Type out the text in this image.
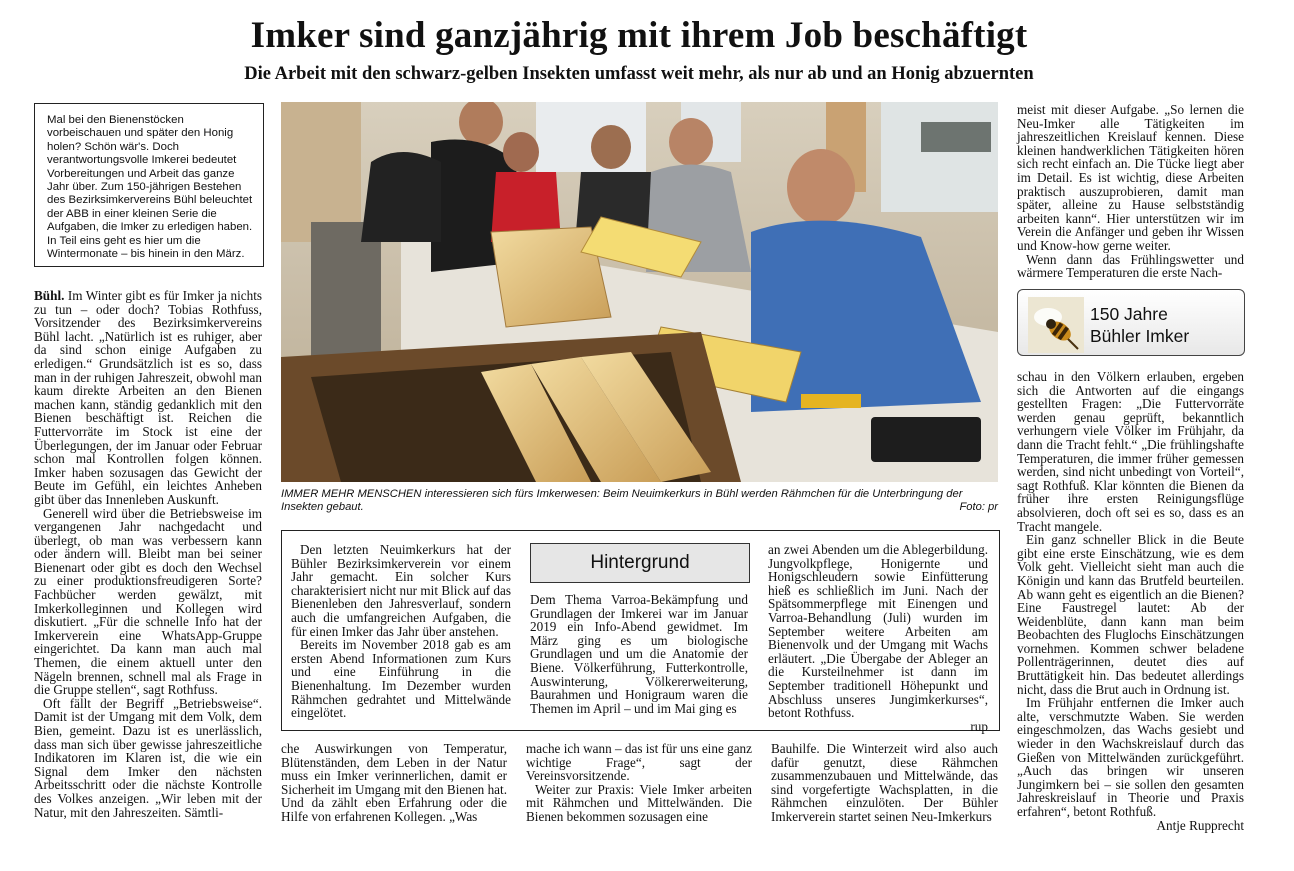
Imker sind ganzjährig mit ihrem Job beschäftigt
Die Arbeit mit den schwarz-gelben Insekten umfasst weit mehr, als nur ab und an Honig abzuernten
Mal bei den Bienenstöcken vorbeischauen und später den Honig holen? Schön wär's. Doch verantwortungsvolle Imkerei bedeutet Vorbereitungen und Arbeit das ganze Jahr über. Zum 150-jährigen Bestehen des Bezirksimkervereins Bühl beleuchtet der ABB in einer kleinen Serie die Aufgaben, die Imker zu erledigen haben. In Teil eins geht es hier um die Wintermonate – bis hinein in den März.

Bühl. Im Winter gibt es für Imker ja nichts zu tun – oder doch? Tobias Rothfuss, Vorsitzender des Bezirksimkervereins Bühl lacht. „Natürlich ist es ruhiger, aber da sind schon einige Aufgaben zu erledigen.“ Grundsätzlich ist es so, dass man in der ruhigen Jahreszeit, obwohl man kaum direkte Arbeiten an den Bienen machen kann, ständig gedanklich mit den Bienen beschäftigt ist. Reichen die Futtervorräte im Stock ist eine der Überlegungen, der im Januar oder Februar schon mal Kontrollen folgen können. Imker haben sozusagen das Gewicht der Beute im Gefühl, ein leichtes Anheben gibt über das Innenleben Auskunft.

Generell wird über die Betriebsweise im vergangenen Jahr nachgedacht und überlegt, ob man was verbessern kann oder ändern will. Bleibt man bei seiner Bienenart oder gibt es doch den Wechsel zu einer produktionsfreudigeren Sorte? Fachbücher werden gewälzt, mit Imkerkolleginnen und Kollegen wird diskutiert. „Für die schnelle Info hat der Imkerverein eine WhatsApp-Gruppe eingerichtet. Da kann man auch mal Themen, die einem aktuell unter den Nägeln brennen, schnell mal als Frage in die Gruppe stellen“, sagt Rothfuss.

Oft fällt der Begriff „Betriebsweise“. Damit ist der Umgang mit dem Volk, dem Bien, gemeint. Dazu ist es unerlässlich, dass man sich über gewisse jahreszeitliche Indikatoren im Klaren ist, die wie ein Signal dem Imker den nächsten Arbeitsschritt oder die nächste Kontrolle des Volkes anzeigen. „Wir leben mit der Natur, mit den Jahreszeiten. Sämtli-

IMMER MEHR MENSCHEN interessieren sich fürs Imkerwesen: Beim Neuimkerkurs in Bühl werden Rähmchen für die Unterbringung der Insekten gebaut.	Foto: pr

Den letzten Neuimkerkurs hat der Bühler Bezirksimkerverein vor einem Jahr gemacht. Ein solcher Kurs charakterisiert nicht nur mit Blick auf das Bienenleben den Jahresverlauf, sondern auch die umfangreichen Aufgaben, die für einen Imker das Jahr über anstehen.

Bereits im November 2018 gab es am ersten Abend Informationen zum Kurs und eine Einführung in die Bienenhaltung. Im Dezember wurden Rähmchen gedrahtet und Mittelwände eingelötet.

Hintergrund

Dem Thema Varroa-Bekämpfung und Grundlagen der Imkerei war im Januar 2019 ein Info-Abend gewidmet. Im März ging es um biologische Grundlagen und um die Anatomie der Biene. Völkerführung, Futterkontrolle, Auswinterung, Völkererweiterung, Baurahmen und Honigraum waren die Themen im April – und im Mai ging es

an zwei Abenden um die Ablegerbildung. Jungvolkpflege, Honigernte und Honigschleudern sowie Einfütterung hieß es schließlich im Juni. Nach der Spätsommerpflege mit Einengen und Varroa-Behandlung (Juli) wurden im September weitere Arbeiten am Bienenvolk und der Umgang mit Wachs erläutert. „Die Übergabe der Ableger an die Kursteilnehmer ist dann im September traditionell Höhepunkt und Abschluss unseres Jungimkerkurses“, betont Rothfuss.

rup

che Auswirkungen von Temperatur, Blütenständen, dem Leben in der Natur muss ein Imker verinnerlichen, damit er Sicherheit im Umgang mit den Bienen hat. Und da zählt eben Erfahrung oder die Hilfe von erfahrenen Kollegen. „Was

mache ich wann – das ist für uns eine ganz wichtige Frage“, sagt der Vereinsvorsitzende.

Weiter zur Praxis: Viele Imker arbeiten mit Rähmchen und Mittelwänden. Die Bienen bekommen sozusagen eine

Bauhilfe. Die Winterzeit wird also auch dafür genutzt, diese Rähmchen zusammenzubauen und Mittelwände, das sind vorgefertigte Wachsplatten, in die Rähmchen einzulöten. Der Bühler Imkerverein startet seinen Neu-Imkerkurs

meist mit dieser Aufgabe. „So lernen die Neu-Imker alle Tätigkeiten im jahreszeitlichen Kreislauf kennen. Diese kleinen handwerklichen Tätigkeiten hören sich recht einfach an. Die Tücke liegt aber im Detail. Es ist wichtig, diese Arbeiten praktisch auszuprobieren, damit man später, alleine zu Hause selbstständig arbeiten kann“. Hier unterstützen wir im Verein die Anfänger und geben ihr Wissen und Know-how gerne weiter.

Wenn dann das Frühlingswetter und wärmere Temperaturen die erste Nach-

150 Jahre
Bühler Imker

schau in den Völkern erlauben, ergeben sich die Antworten auf die eingangs gestellten Fragen: „Die Futtervorräte werden genau geprüft, bekanntlich verhungern viele Völker im Frühjahr, da dann die Tracht fehlt.“ „Die frühlingshafte Temperaturen, die immer früher gemessen werden, sind nicht unbedingt von Vorteil“, sagt Rothfuß. Klar könnten die Bienen da früher ihre ersten Reinigungsflüge absolvieren, doch oft sei es so, dass es an Tracht mangele.

Ein ganz schneller Blick in die Beute gibt eine erste Einschätzung, wie es dem Volk geht. Vielleicht sieht man auch die Königin und kann das Brutfeld beurteilen. Ab wann geht es eigentlich an die Bienen? Eine Faustregel lautet: Ab der Weidenblüte, dann kann man beim Beobachten des Fluglochs Einschätzungen vornehmen. Kommen schwer beladene Pollenträgerinnen, deutet dies auf Bruttätigkeit hin. Das bedeutet allerdings nicht, dass die Brut auch in Ordnung ist.

Im Frühjahr entfernen die Imker auch alte, verschmutzte Waben. Sie werden eingeschmolzen, das Wachs gesiebt und wieder in den Wachskreislauf durch das Gießen von Mittelwänden zurückgeführt. „Auch das bringen wir unseren Jungimkern bei – sie sollen den gesamten Jahreskreislauf in Theorie und Praxis erfahren“, betont Rothfuß.

Antje Rupprecht
